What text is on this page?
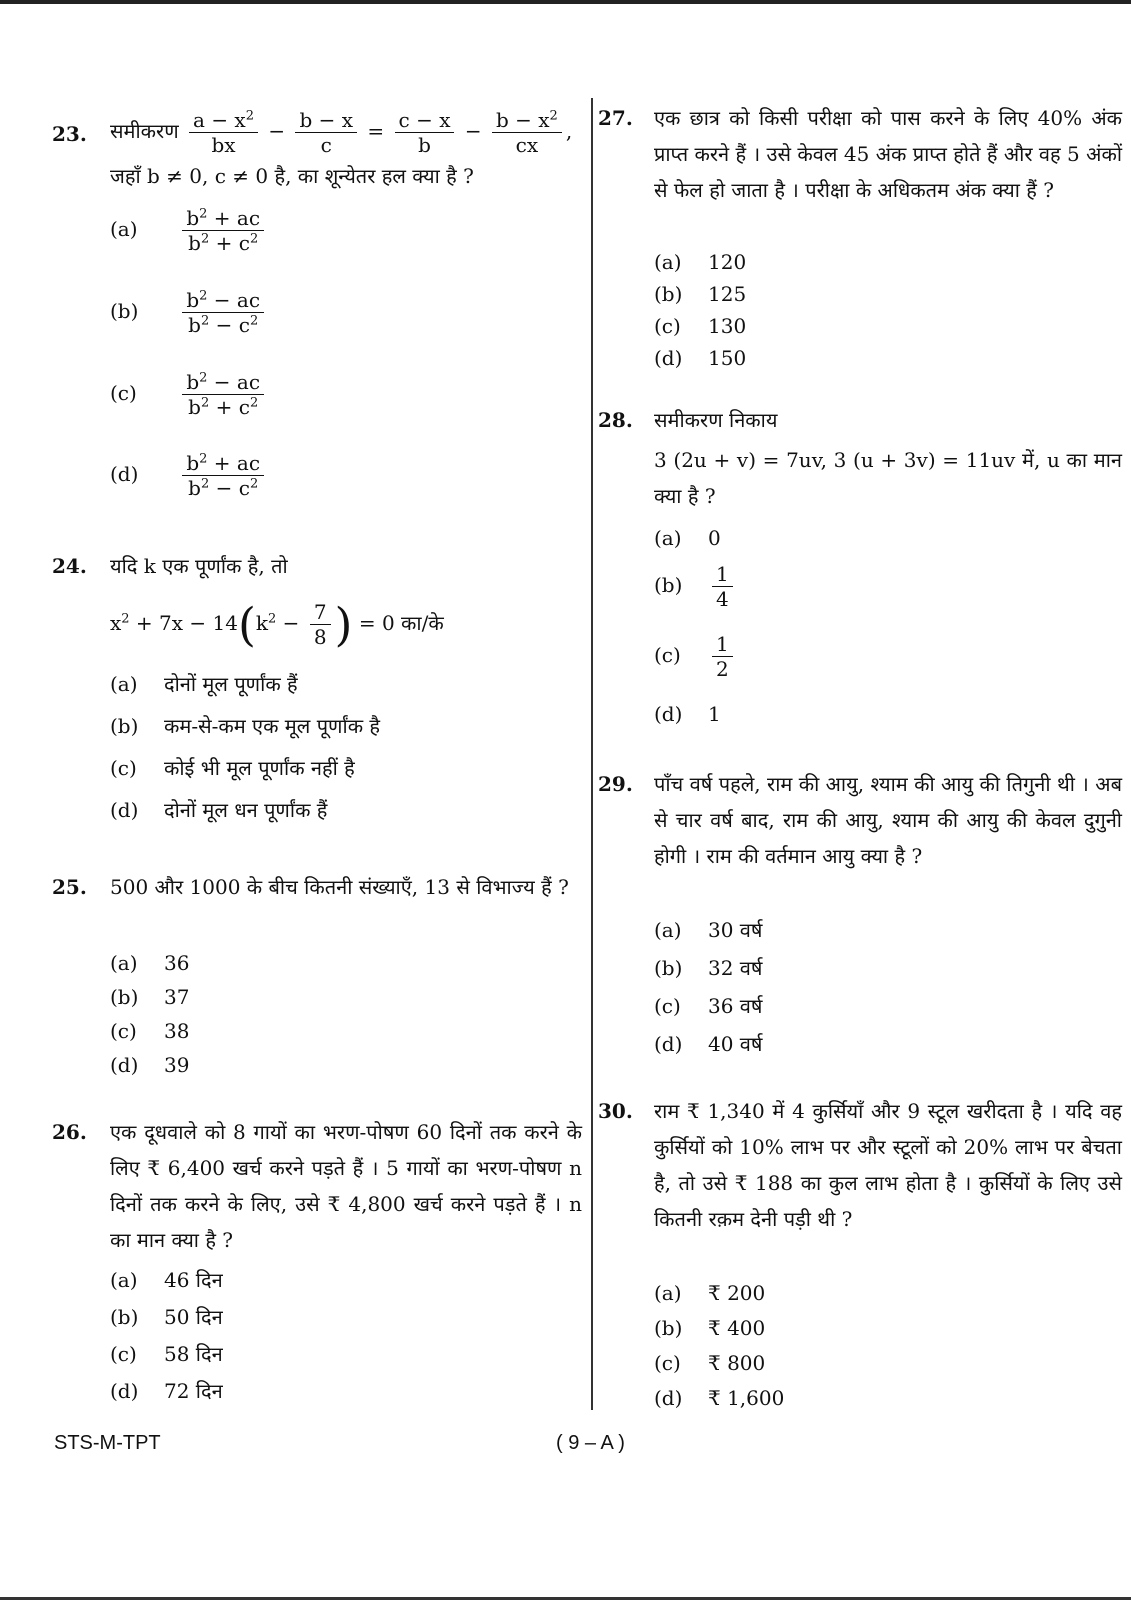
23. समीकरण $\frac{a - x^2}{bx} - \frac{b - x}{c} = \frac{c - x}{b} - \frac{b - x^2}{cx}$ ,
जहाँ b ≠ 0, c ≠ 0 है, का शून्येतर हल क्या है ?
$(a) \frac{b^2 + ac}{b^2 + c^2}$
$(b) \frac{b^2 - ac}{b^2 - c^2}$
$(c) \frac{b^2 - ac}{b^2 + c^2}$
$(d) \frac{b^2 + ac}{b^2 - c^2}$
24. यदि k एक पूर्णांक है, तो
$x^2 + 7x - 14(k^2 - \frac{7}{8}$ ) = 0 का/के
(a) दोनों मूल पूर्णांक हैं
(b) कम-से-कम एक मूल पूर्णांक है
(c) कोई भी मूल पूर्णांक नहीं है
(d) दोनों मूल धन पूर्णांक हैं
25. 500 और 1000 के बीच कितनी संख्याएँ, 13 से विभाज्य हैं ?
(a) 36
(b) 37
(c) 38
(d) 39
26. एक दूधवाले को 8 गायों का भरण-पोषण 60 दिनों तक करने के लिए ₹ 6,400 खर्च करने पड़ते हैं । 5 गायों का भरण-पोषण n दिनों तक करने के लिए, उसे ₹ 4,800 खर्च करने पड़ते हैं । n का मान क्या है ?
(a) 46 दिन
(b) 50 दिन
(c) 58 दिन
(d) 72 दिन
27. एक छात्र को किसी परीक्षा को पास करने के लिए 40% अंक प्राप्त करने हैं । उसे केवल 45 अंक प्राप्त होते हैं और वह 5 अंकों से फेल हो जाता है । परीक्षा के अधिकतम अंक क्या हैं ?
(a) 120
(b) 125
(c) 130
(d) 150
28. समीकरण निकाय
3 (2u + v) = 7uv, 3 (u + 3v) = 11uv में, u का मान क्या है ?
(a) 0
$(b) \frac{1}{4}$
$(c) \frac{1}{2}$
(d) 1
29. पाँच वर्ष पहले, राम की आयु, श्याम की आयु की तिगुनी थी । अब से चार वर्ष बाद, राम की आयु, श्याम की आयु की केवल दुगुनी होगी । राम की वर्तमान आयु क्या है ?
(a) 30 वर्ष
(b) 32 वर्ष
(c) 36 वर्ष
(d) 40 वर्ष
30. राम ₹ 1,340 में 4 कुर्सियाँ और 9 स्टूल खरीदता है । यदि वह कुर्सियों को 10% लाभ पर और स्टूलों को 20% लाभ पर बेचता है, तो उसे ₹ 188 का कुल लाभ होता है । कुर्सियों के लिए उसे कितनी रक़म देनी पड़ी थी ?
(a) ₹ 200
(b) ₹ 400
(c) ₹ 800
(d) ₹ 1,600
STS-M-TPT	( 9 – A )
